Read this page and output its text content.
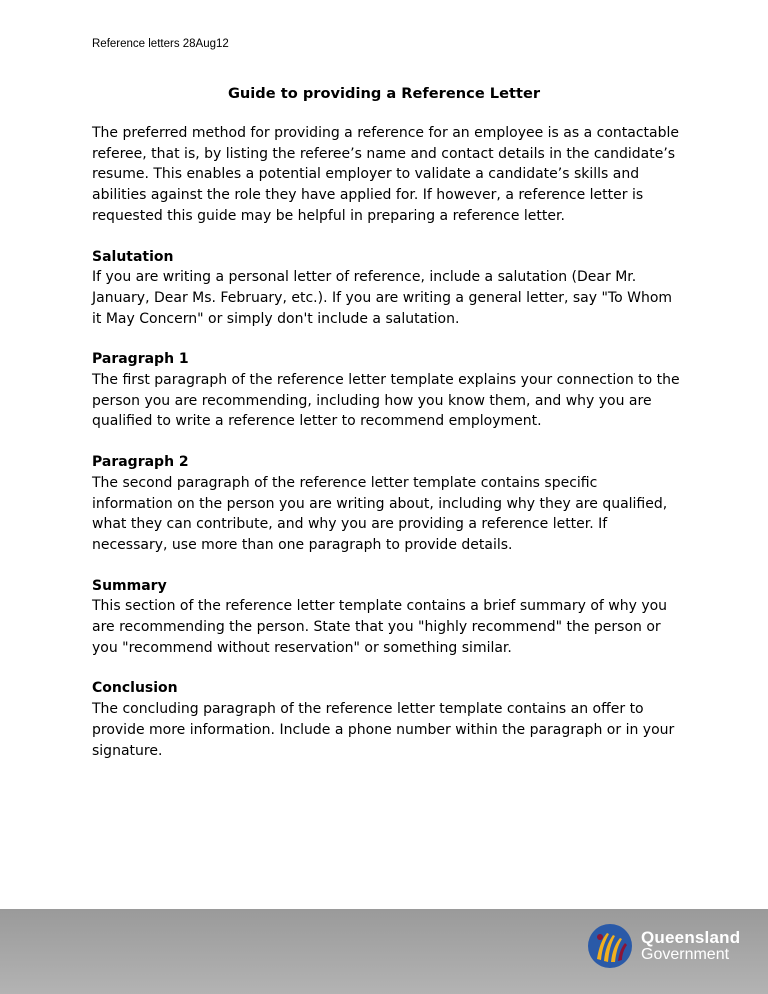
Reference letters 28Aug12
Guide to providing a Reference Letter

The preferred method for providing a reference for an employee is as a contactable referee, that is, by listing the referee’s name and contact details in the candidate’s resume. This enables a potential employer to validate a candidate’s skills and abilities against the role they have applied for. If however, a reference letter is requested this guide may be helpful in preparing a reference letter.

Salutation

If you are writing a personal letter of reference, include a salutation (Dear Mr. January, Dear Ms. February, etc.). If you are writing a general letter, say "To Whom it May Concern" or simply don't include a salutation.

Paragraph 1

The first paragraph of the reference letter template explains your connection to the person you are recommending, including how you know them, and why you are qualified to write a reference letter to recommend employment.

Paragraph 2

The second paragraph of the reference letter template contains specific information on the person you are writing about, including why they are qualified, what they can contribute, and why you are providing a reference letter. If necessary, use more than one paragraph to provide details.

Summary

This section of the reference letter template contains a brief summary of why you are recommending the person. State that you "highly recommend" the person or you "recommend without reservation" or something similar.

Conclusion

The concluding paragraph of the reference letter template contains an offer to provide more information. Include a phone number within the paragraph or in your signature.

Queensland
Government
